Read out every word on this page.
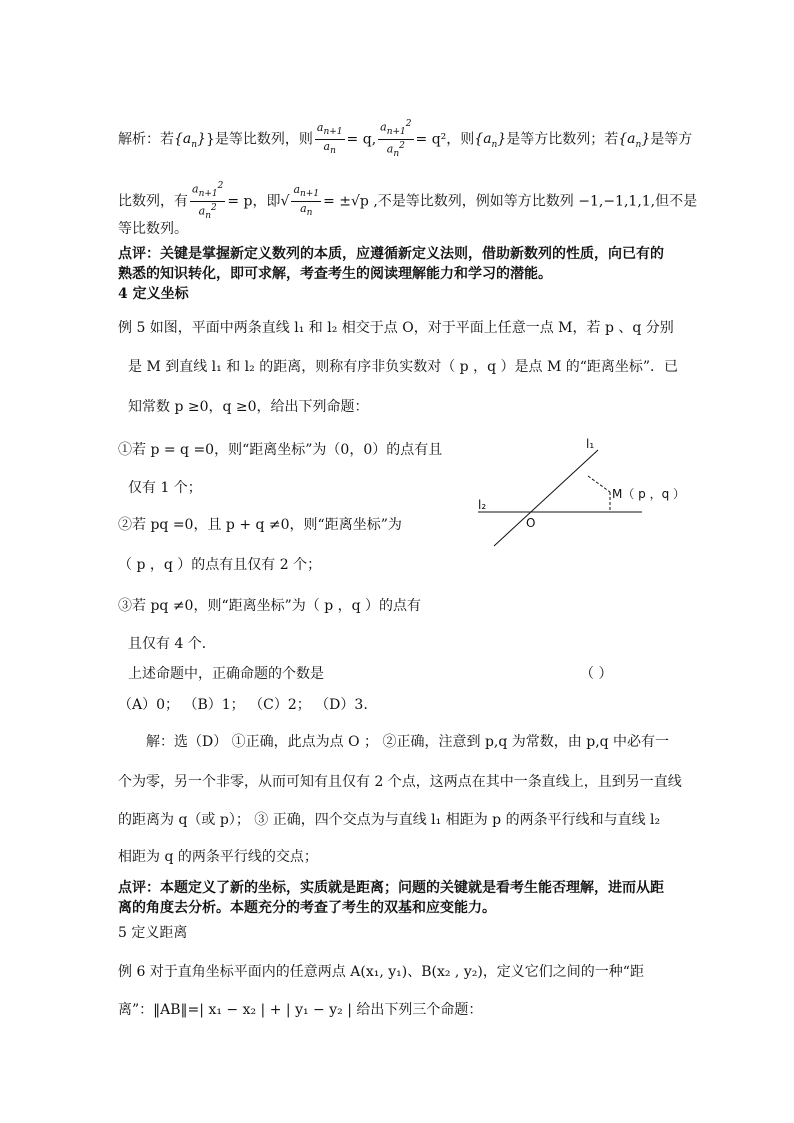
解析：若$\{a_n\}$}是等比数列，则 $\frac{a_{n+1}}{a_n} = q$, $\frac{a_{n+1}^2}{a_n^2} = q^2$，则$\{a_n\}$是等方比数列；若$\{a_n\}$是等方
比数列，有 $\frac{a_{n+1}^2}{a_n^2} = p$，即√ $\frac{a_{n+1}}{a_n} = \pm√p$ ,不是等比数列，例如等方比数列 −1,−1,1,1,但不是
等比数列。
点评：关键是掌握新定义数列的本质，应遵循新定义法则，借助新数列的性质，向已有的
熟悉的知识转化，即可求解，考查考生的阅读理解能力和学习的潜能。
4 定义坐标
例 5 如图，平面中两条直线 l₁ 和 l₂ 相交于点 O，对于平面上任意一点 M，若 p 、q 分别
是 M 到直线 l₁ 和 l₂ 的距离，则称有序非负实数对（ p ，q ）是点 M 的“距离坐标”．已
知常数 p ≥0，q ≥0，给出下列命题：
①若 p = q =0，则“距离坐标”为（0，0）的点有且
仅有 1 个；
②若 pq =0，且 p + q ≠0，则“距离坐标”为
（ p ，q ）的点有且仅有 2 个；
③若 pq ≠0，则“距离坐标”为（ p ，q ）的点有
且仅有 4 个．
上述命题中，正确命题的个数是	（ ）
（A）0； （B）1； （C）2； （D）3.
解：选（D） ①正确，此点为点 O ； ②正确，注意到 p,q 为常数，由 p,q 中必有一
个为零，另一个非零，从而可知有且仅有 2 个点，这两点在其中一条直线上，且到另一直线
的距离为 q（或 p）； ③ 正确，四个交点为与直线 l₁ 相距为 p 的两条平行线和与直线 l₂
相距为 q 的两条平行线的交点；
点评：本题定义了新的坐标，实质就是距离；问题的关键就是看考生能否理解，进而从距
离的角度去分析。本题充分的考查了考生的双基和应变能力。
5 定义距离
例 6 对于直角坐标平面内的任意两点 A(x₁, y₁)、B(x₂ , y₂)，定义它们之间的一种“距
离”：‖AB‖=| x₁ − x₂ | + | y₁ − y₂ | 给出下列三个命题：
l₁
l₂
O
M（ p ，q ）
